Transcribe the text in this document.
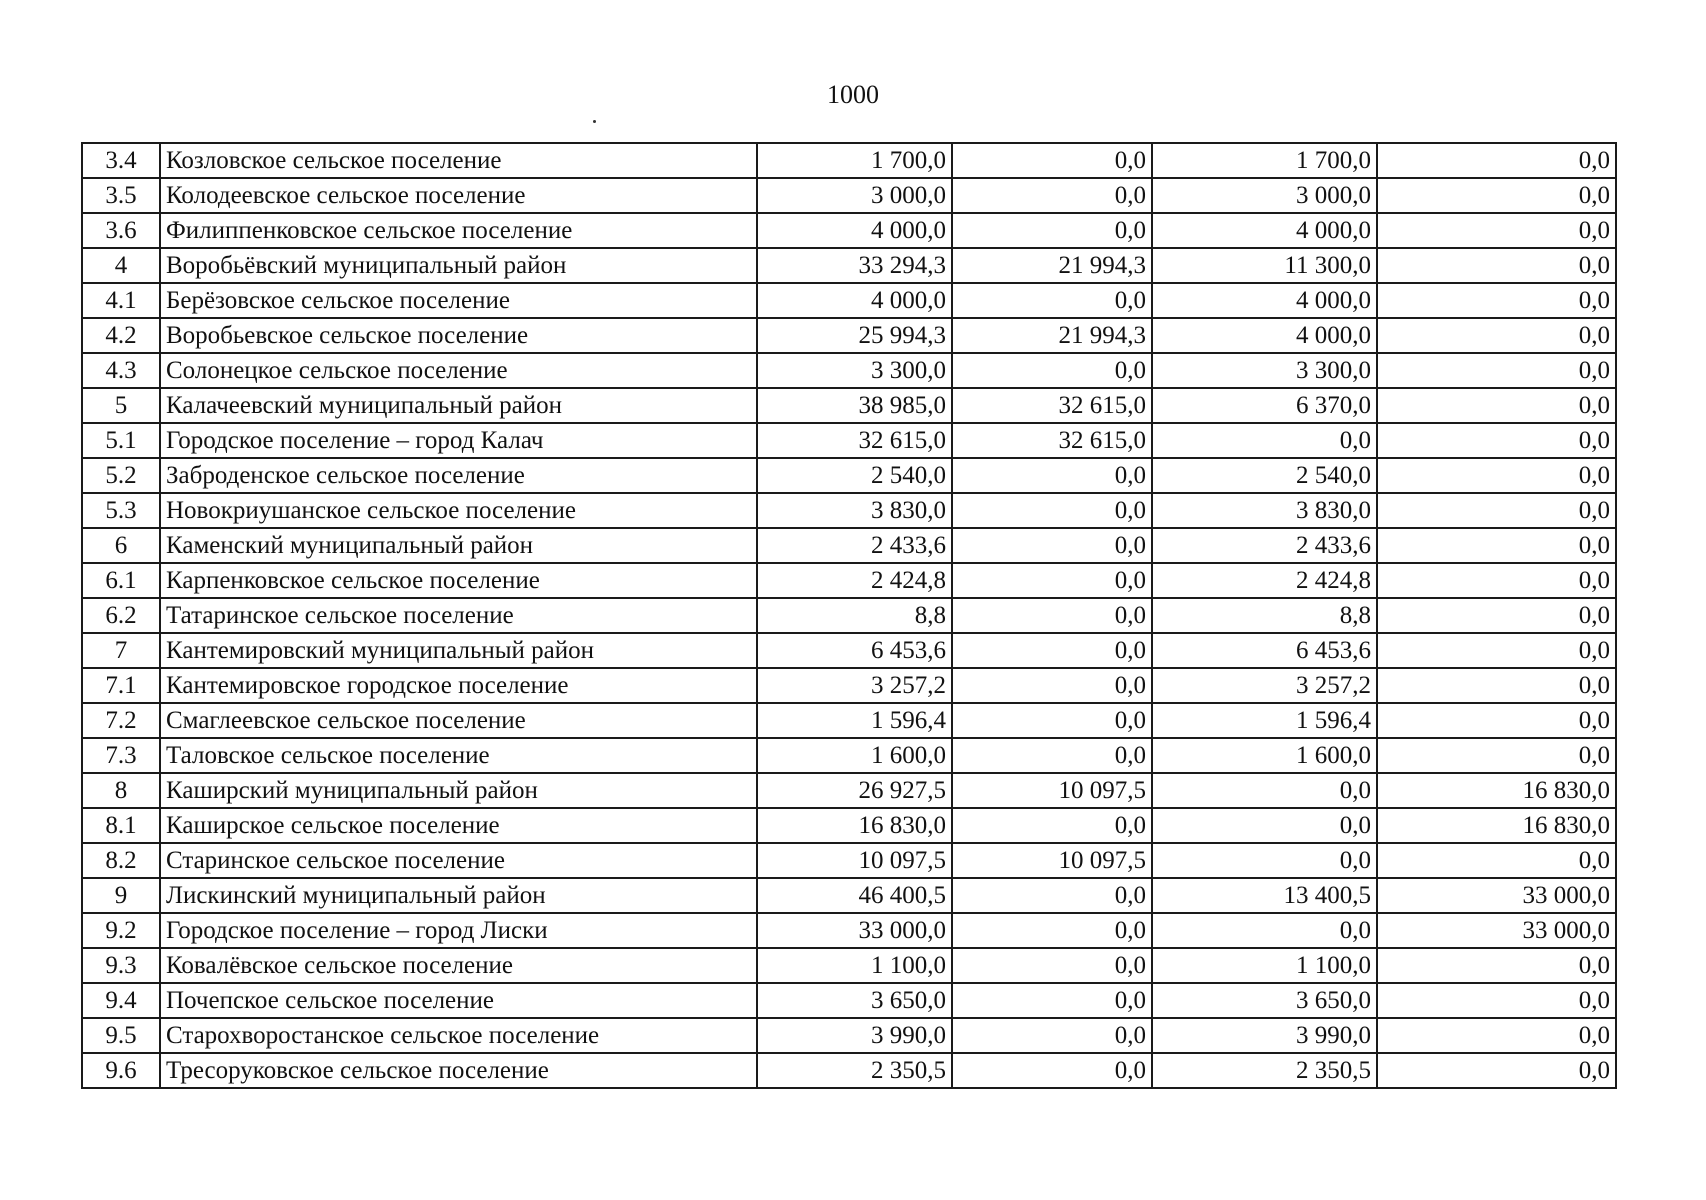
1000
3.4	Козловское сельское поселение	1 700,0	0,0	1 700,0	0,0
3.5	Колодеевское сельское поселение	3 000,0	0,0	3 000,0	0,0
3.6	Филиппенковское сельское поселение	4 000,0	0,0	4 000,0	0,0
4	Воробьёвский муниципальный район	33 294,3	21 994,3	11 300,0	0,0
4.1	Берёзовское сельское поселение	4 000,0	0,0	4 000,0	0,0
4.2	Воробьевское сельское поселение	25 994,3	21 994,3	4 000,0	0,0
4.3	Солонецкое сельское поселение	3 300,0	0,0	3 300,0	0,0
5	Калачеевский муниципальный район	38 985,0	32 615,0	6 370,0	0,0
5.1	Городское поселение – город Калач	32 615,0	32 615,0	0,0	0,0
5.2	Заброденское сельское поселение	2 540,0	0,0	2 540,0	0,0
5.3	Новокриушанское сельское поселение	3 830,0	0,0	3 830,0	0,0
6	Каменский муниципальный район	2 433,6	0,0	2 433,6	0,0
6.1	Карпенковское сельское поселение	2 424,8	0,0	2 424,8	0,0
6.2	Татаринское сельское поселение	8,8	0,0	8,8	0,0
7	Кантемировский муниципальный район	6 453,6	0,0	6 453,6	0,0
7.1	Кантемировское городское поселение	3 257,2	0,0	3 257,2	0,0
7.2	Смаглеевское сельское поселение	1 596,4	0,0	1 596,4	0,0
7.3	Таловское сельское поселение	1 600,0	0,0	1 600,0	0,0
8	Каширский муниципальный район	26 927,5	10 097,5	0,0	16 830,0
8.1	Каширское сельское поселение	16 830,0	0,0	0,0	16 830,0
8.2	Старинское сельское поселение	10 097,5	10 097,5	0,0	0,0
9	Лискинский муниципальный район	46 400,5	0,0	13 400,5	33 000,0
9.2	Городское поселение – город Лиски	33 000,0	0,0	0,0	33 000,0
9.3	Ковалёвское сельское поселение	1 100,0	0,0	1 100,0	0,0
9.4	Почепское сельское поселение	3 650,0	0,0	3 650,0	0,0
9.5	Старохворостанское сельское поселение	3 990,0	0,0	3 990,0	0,0
9.6	Тресоруковское сельское поселение	2 350,5	0,0	2 350,5	0,0
